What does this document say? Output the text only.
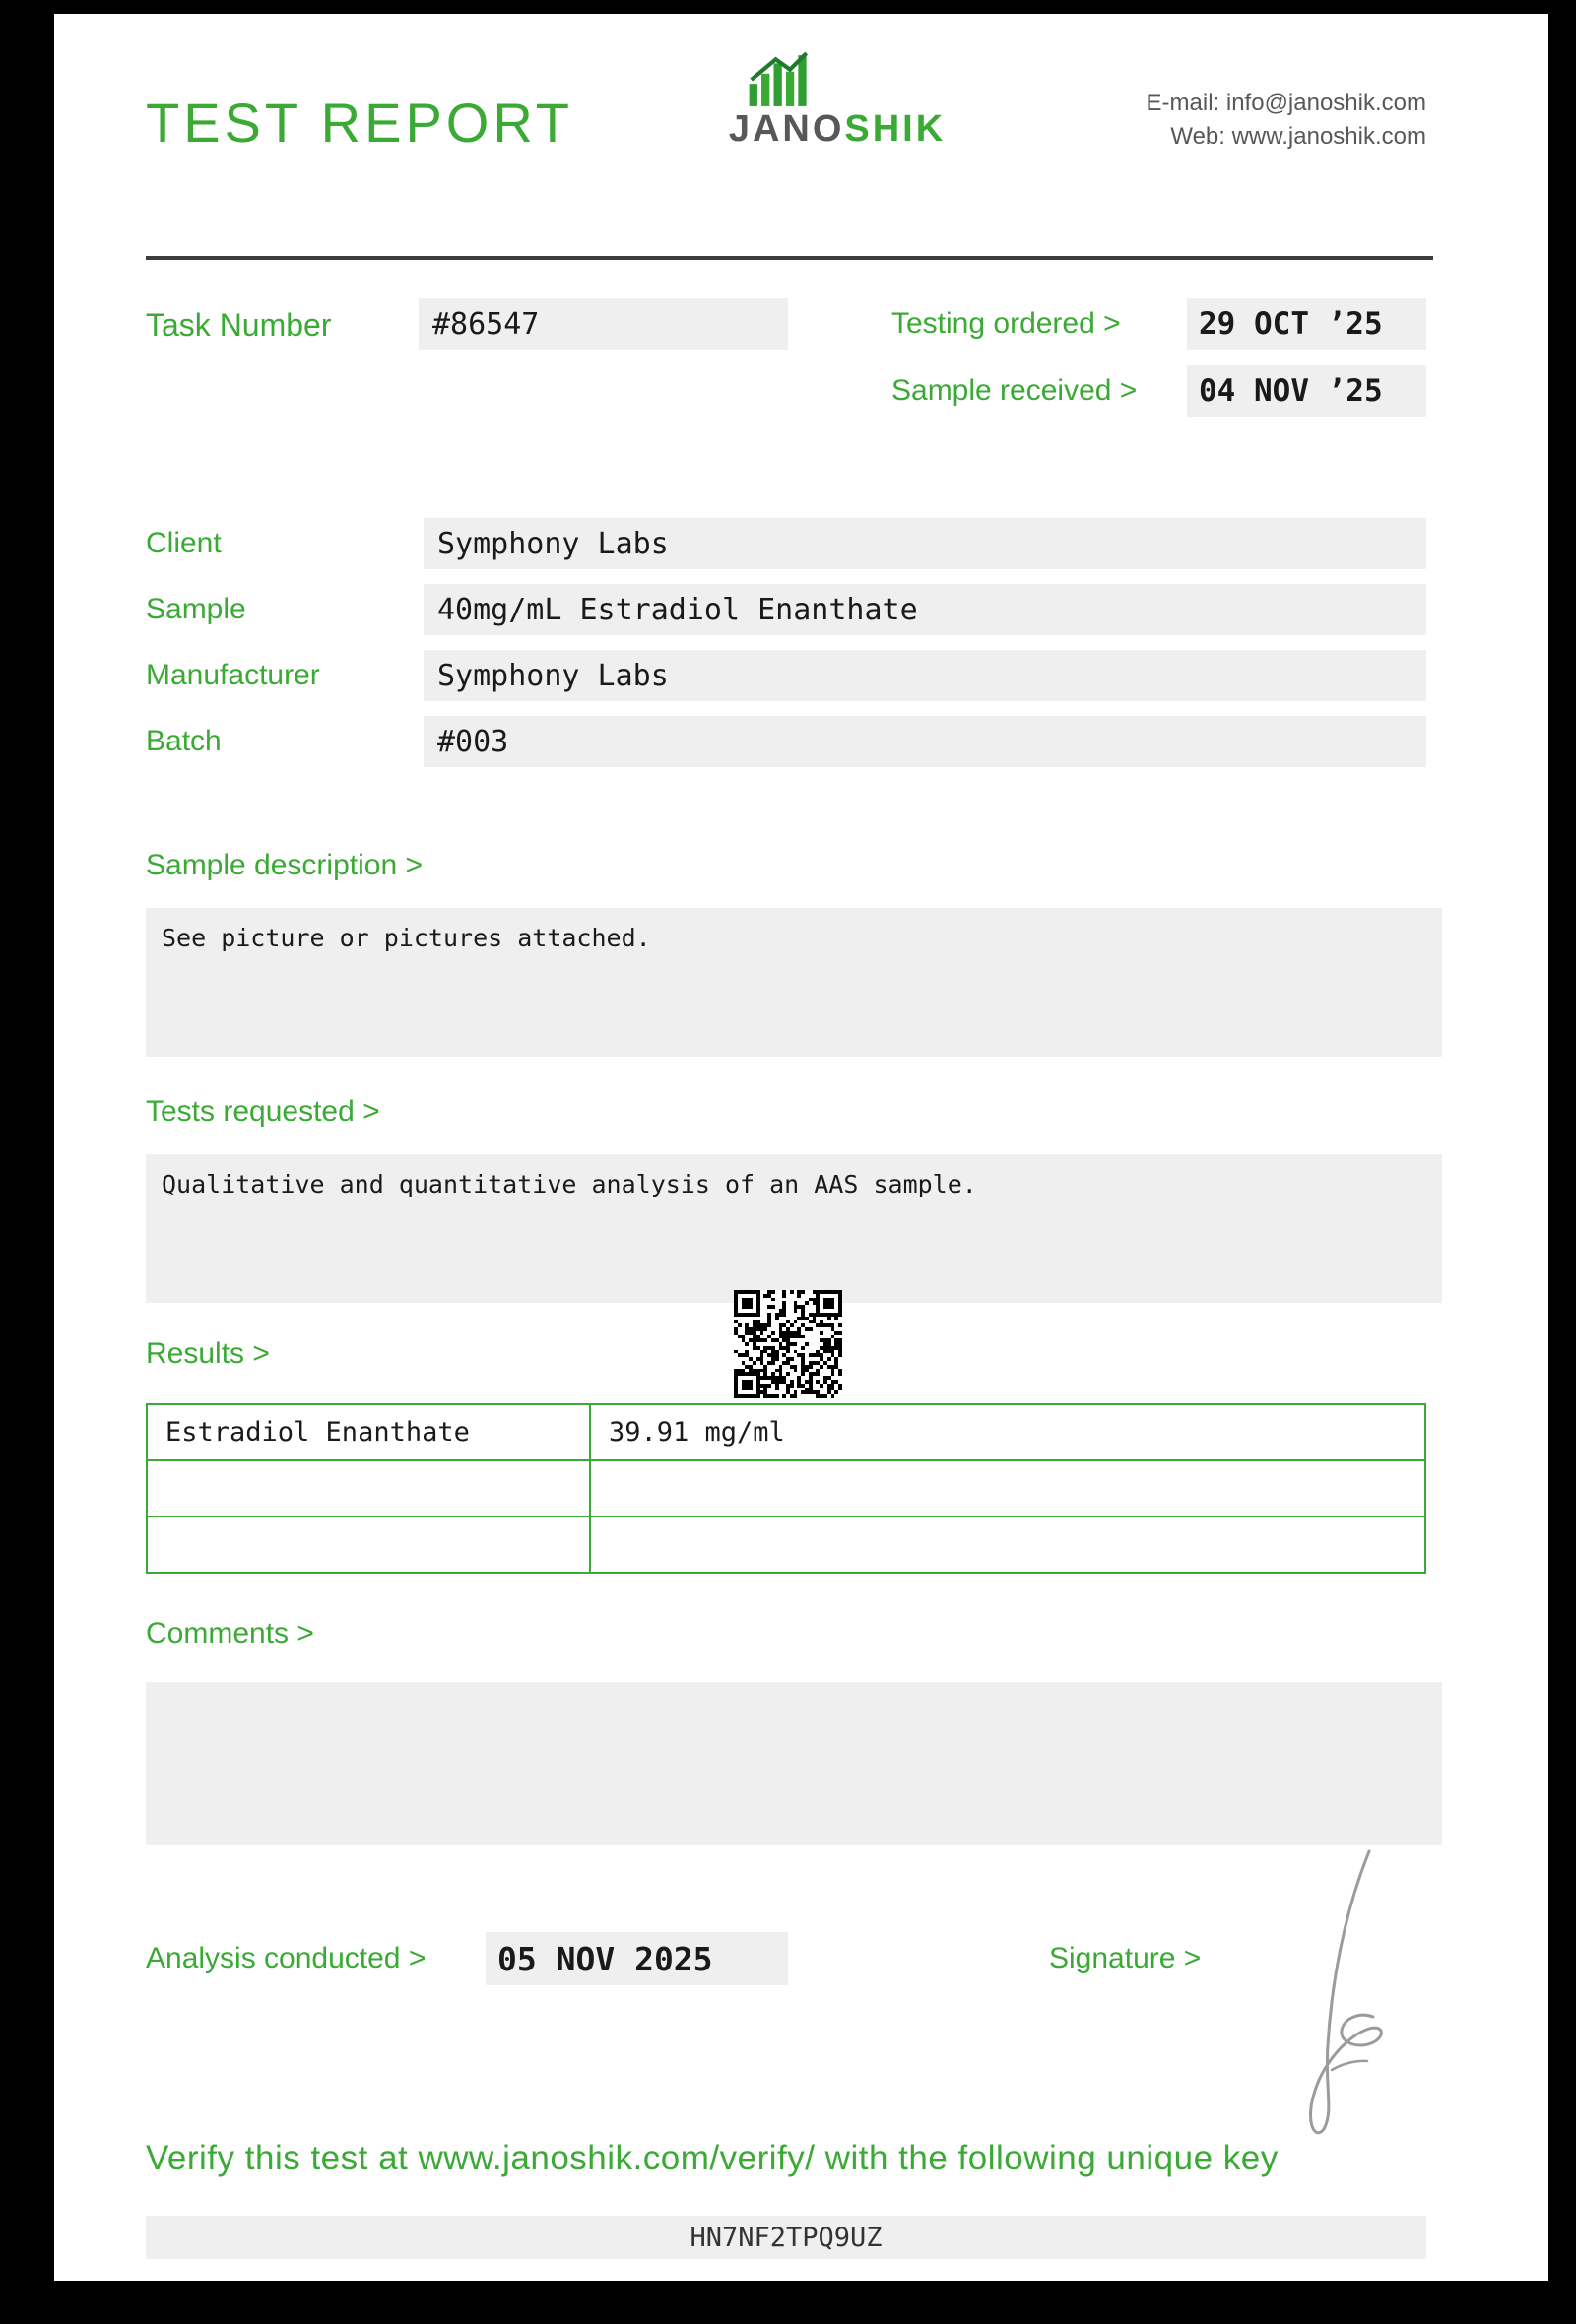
TEST REPORT	JANOSHIK
E-mail: info@janoshik.com
Web: www.janoshik.com
Task Number	#86547	Testing ordered >	29 OCT ’25
Sample received >	04 NOV ’25
Client	Symphony Labs
Sample	40mg/mL Estradiol Enanthate
Manufacturer	Symphony Labs
Batch	#003
Sample description >
See picture or pictures attached.
Tests requested >
Qualitative and quantitative analysis of an AAS sample.
Results >
Estradiol Enanthate	39.91 mg/ml

Comments >
Analysis conducted >	05 NOV 2025	Signature >
Verify this test at www.janoshik.com/verify/ with the following unique key
HN7NF2TPQ9UZ
